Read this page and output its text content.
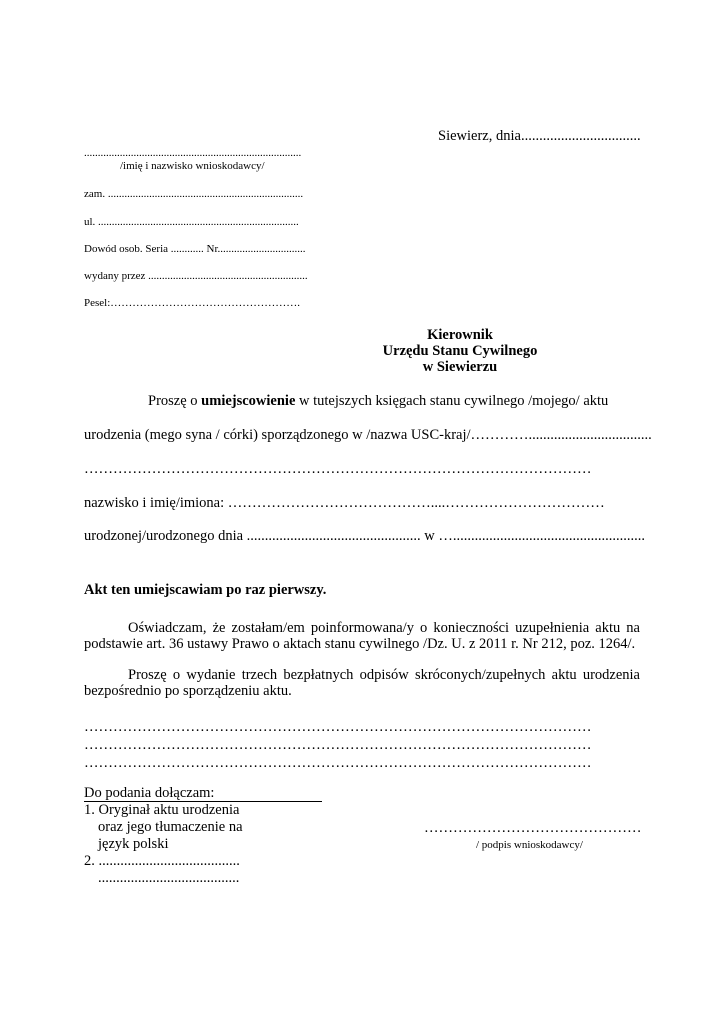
Siewierz, dnia.................................
...............................................................................
/imię i nazwisko wnioskodawcy/
zam. .......................................................................
ul. .........................................................................
Dowód osob. Seria ............ Nr................................
wydany przez ..........................................................
Pesel:…………………………………………….
Kierownik
Urzędu Stanu Cywilnego
w Siewierzu
Proszę o umiejscowienie w tutejszych księgach stanu cywilnego /mojego/ aktu
urodzenia (mego syna / córki) sporządzonego w /nazwa USC-kraj/…………..................................
……………………………………………………………………………………………
nazwisko i imię/imiona: ……………………………………....……………………………
urodzonej/urodzonego dnia ................................................ w ….....................................................
Akt ten umiejscawiam po raz pierwszy.
Oświadczam, że zostałam/em poinformowana/y o konieczności uzupełnienia aktu na
podstawie art. 36 ustawy Prawo o aktach stanu cywilnego /Dz. U. z 2011 r. Nr 212, poz. 1264/.
Proszę o wydanie trzech bezpłatnych odpisów skróconych/zupełnych aktu urodzenia
bezpośrednio po sporządzeniu aktu.
……………………………………………………………………………………………
……………………………………………………………………………………………
……………………………………………………………………………………………
Do podania dołączam:
1. Oryginał aktu urodzenia
oraz jego tłumaczenie na
język polski
2. .......................................
.......................................
………………………………………
/ podpis wnioskodawcy/
